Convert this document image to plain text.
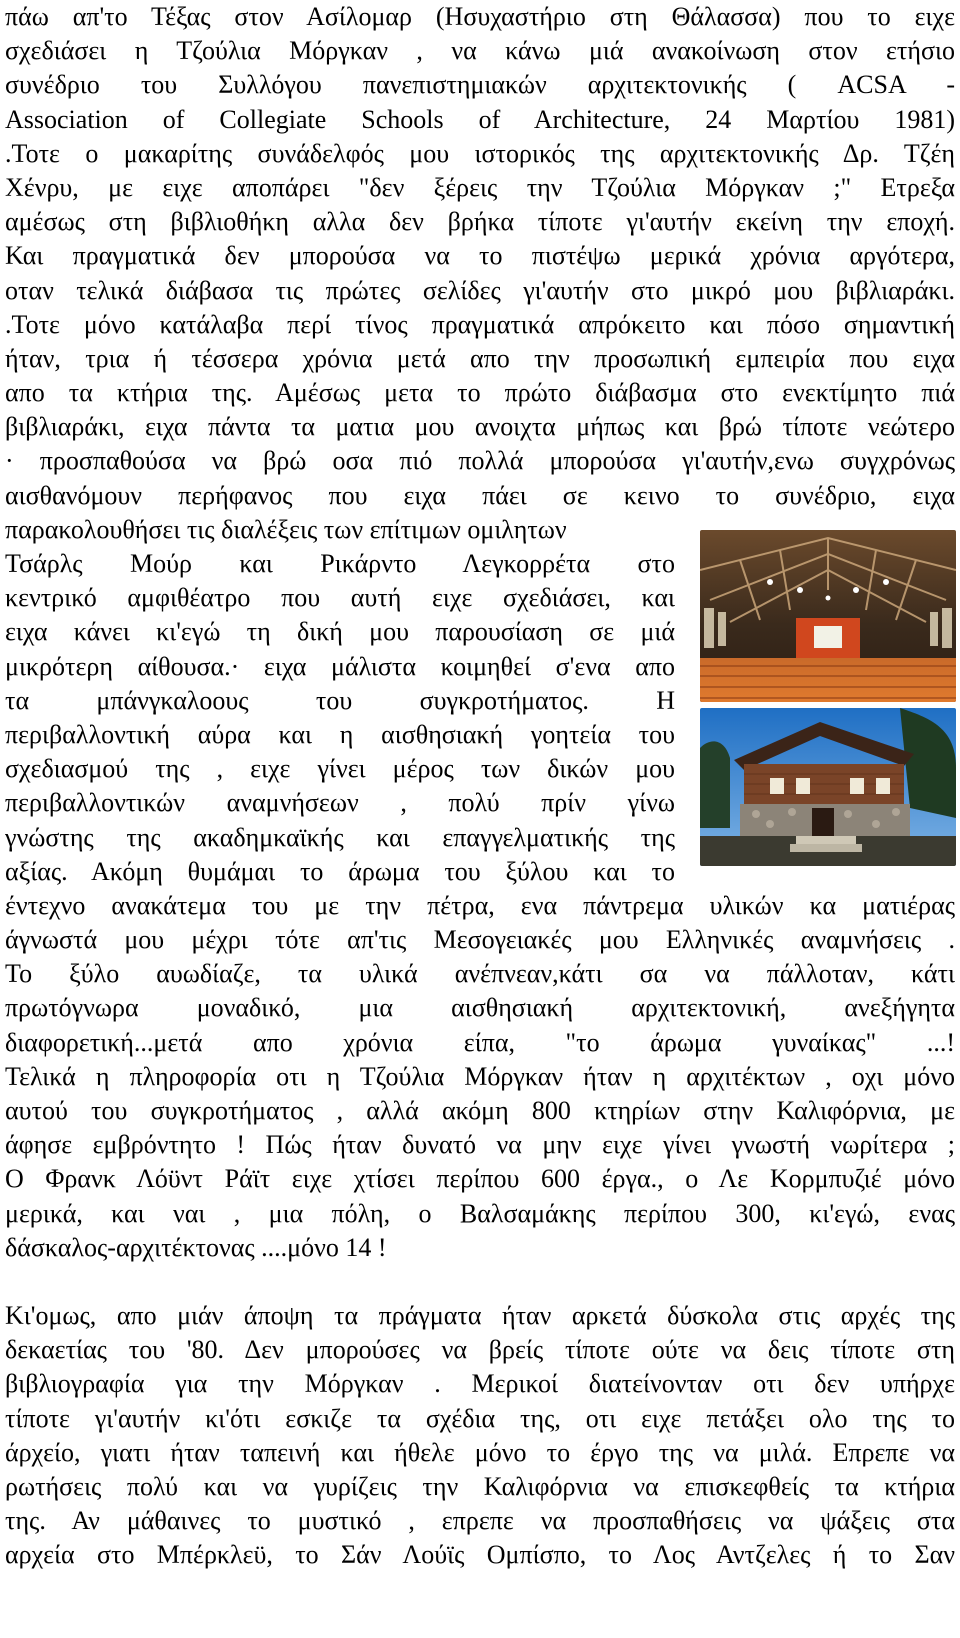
πάω απ'το Τέξας στον Ασίλομαρ (Ησυχαστήριο στη Θάλασσα) που το ειχε
σχεδιάσει η Τζούλια Μόργκαν , να κάνω μιά ανακοίνωση στον ετήσιο
συνέδριο του Συλλόγου πανεπιστημιακών αρχιτεκτονικής ( ACSA -
Association of Collegiate Schools of Architecture, 24 Μαρτίου 1981)
.Τοτε ο μακαρίτης συνάδελφός μου ιστορικός της αρχιτεκτονικής Δρ. Τζέη
Χένρυ, με ειχε αποπάρει "δεν ξέρεις την Τζούλια Μόργκαν ;" Ετρεξα
αμέσως στη βιβλιοθήκη αλλα δεν βρήκα τίποτε γι'αυτήν εκείνη την εποχή.
Και πραγματικά δεν μπορούσα να το πιστέψω μερικά χρόνια αργότερα,
οταν τελικά διάβασα τις πρώτες σελίδες γι'αυτήν στο μικρό μου βιβλιαράκι.
.Τοτε μόνο κατάλαβα περί τίνος πραγματικά απρόκειτο και πόσο σημαντική
ήταν, τρια ή τέσσερα χρόνια μετά απο την προσωπική εμπειρία που ειχα
απο τα κτήρια της. Αμέσως μετα το πρώτο διάβασμα στο ενεκτίμητο πιά
βιβλιαράκι, ειχα πάντα τα ματια μου ανοιχτα μήπως και βρώ τίποτε νεώτερο
· προσπαθούσα να βρώ οσα πιό πολλά μπορούσα γι'αυτήν,ενω συγχρόνως
αισθανόμουν περήφανος που ειχα πάει σε κεινο το συνέδριο, ειχα
παρακολουθήσει τις διαλέξεις των επίτιμων ομιλητων
Τσάρλς Μούρ και Ρικάρντο Λεγκορρέτα στο
κεντρικό αμφιθέατρο που αυτή ειχε σχεδιάσει, και
ειχα κάνει κι'εγώ τη δική μου παρουσίαση σε μιά
μικρότερη αίθουσα.· ειχα μάλιστα κοιμηθεί σ'ενα απο
τα μπάνγκαλοους του συγκροτήματος. Η
περιβαλλοντική αύρα και η αισθησιακή γοητεία του
σχεδιασμού της , ειχε γίνει μέρος των δικών μου
περιβαλλοντικών αναμνήσεων , πολύ πρίν γίνω
γνώστης της ακαδημκαϊκής και επαγγελματικής της
αξίας. Ακόμη θυμάμαι το άρωμα του ξύλου και το
έντεχνο ανακάτεμα του με την πέτρα, ενα πάντρεμα υλικών κα ματιέρας
άγνωστά μου μέχρι τότε απ'τις Μεσογειακές μου Ελληνικές αναμνήσεις .
Το ξύλο αυωδίαζε, τα υλικά ανέπνεαν,κάτι σα να πάλλοταν, κάτι
πρωτόγνωρα μοναδικό, μια αισθησιακή αρχιτεκτονική, ανεξήγητα
διαφορετική...μετά απο χρόνια είπα, "το άρωμα γυναίκας" ...!
Τελικά η πληροφορία οτι η Τζούλια Μόργκαν ήταν η αρχιτέκτων , οχι μόνο
αυτού του συγκροτήματος , αλλά ακόμη 800 κτηρίων στην Καλιφόρνια, με
άφησε εμβρόντητο ! Πώς ήταν δυνατό να μην ειχε γίνει γνωστή νωρίτερα ;
Ο Φρανκ Λόϋντ Ράϊτ ειχε χτίσει περίπου 600 έργα., ο Λε Κορμπυζιέ μόνο
μερικά, και ναι , μια πόλη, ο Βαλσαμάκης περίπου 300, κι'εγώ, ενας
δάσκαλος-αρχιτέκτονας ....μόνο 14 !
Κι'ομως, απο μιάν άποψη τα πράγματα ήταν αρκετά δύσκολα στις αρχές της
δεκαετίας του '80. Δεν μπορούσες να βρείς τίποτε ούτε να δεις τίποτε στη
βιβλιογραφία για την Μόργκαν . Μερικοί διατείνονταν οτι δεν υπήρχε
τίποτε γι'αυτήν κι'ότι εσκιζε τα σχέδια της, οτι ειχε πετάξει ολο της το
άρχείο, γιατι ήταν ταπεινή και ήθελε μόνο το έργο της να μιλά. Επρεπε να
ρωτήσεις πολύ και να γυρίζεις την Καλιφόρνια να επισκεφθείς τα κτήρια
της. Αν μάθαινες το μυστικό , επρεπε να προσπαθήσεις να ψάξεις στα
αρχεία στο Μπέρκλεϋ, το Σάν Λούϊς Ομπίσπο, το Λος Αντζελες ή το Σαν
